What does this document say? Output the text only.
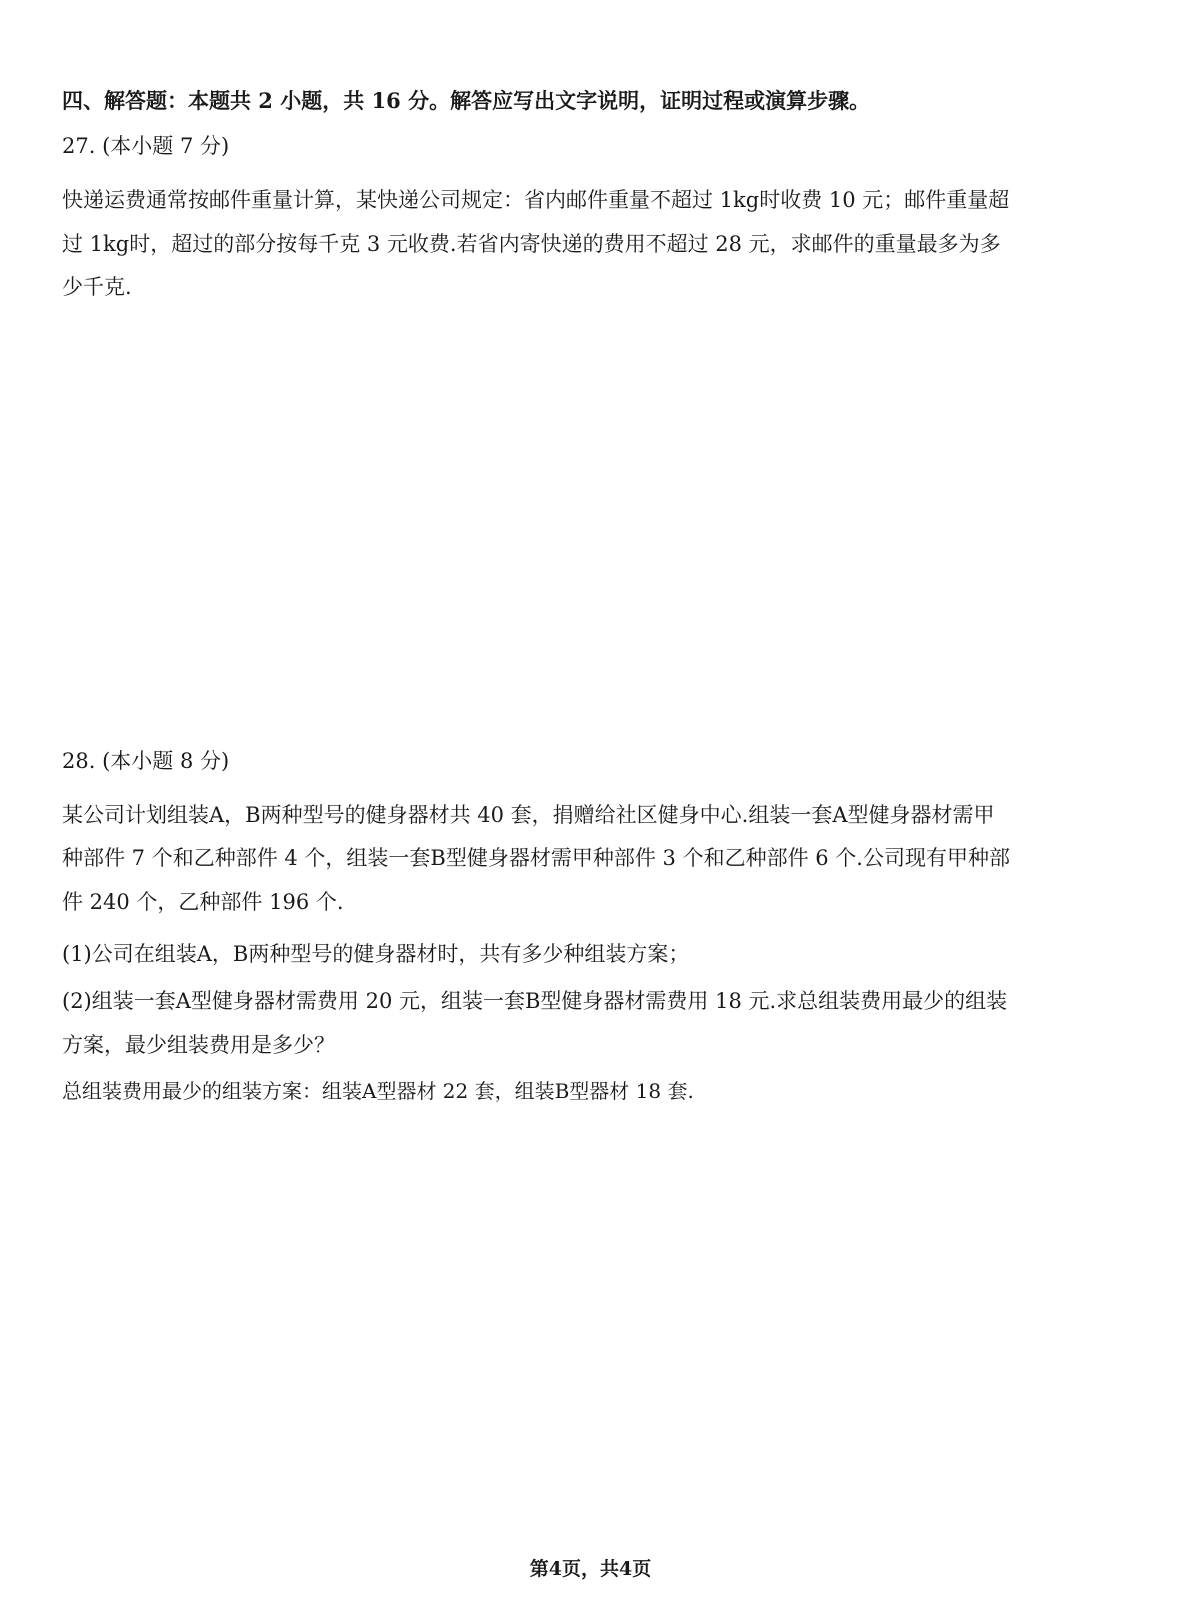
四、解答题：本题共 2 小题，共 16 分。解答应写出文字说明，证明过程或演算步骤。
27. (本小题 7 分)
快递运费通常按邮件重量计算，某快递公司规定：省内邮件重量不超过 1kg时收费 10 元；邮件重量超
过 1kg时，超过的部分按每千克 3 元收费.若省内寄快递的费用不超过 28 元，求邮件的重量最多为多
少千克.
28. (本小题 8 分)
某公司计划组装A，B两种型号的健身器材共 40 套，捐赠给社区健身中心.组装一套A型健身器材需甲
种部件 7 个和乙种部件 4 个，组装一套B型健身器材需甲种部件 3 个和乙种部件 6 个.公司现有甲种部
件 240 个，乙种部件 196 个.
(1)公司在组装A，B两种型号的健身器材时，共有多少种组装方案；
(2)组装一套A型健身器材需费用 20 元，组装一套B型健身器材需费用 18 元.求总组装费用最少的组装
方案，最少组装费用是多少？
总组装费用最少的组装方案：组装A型器材 22 套，组装B型器材 18 套.
第4页，共4页
